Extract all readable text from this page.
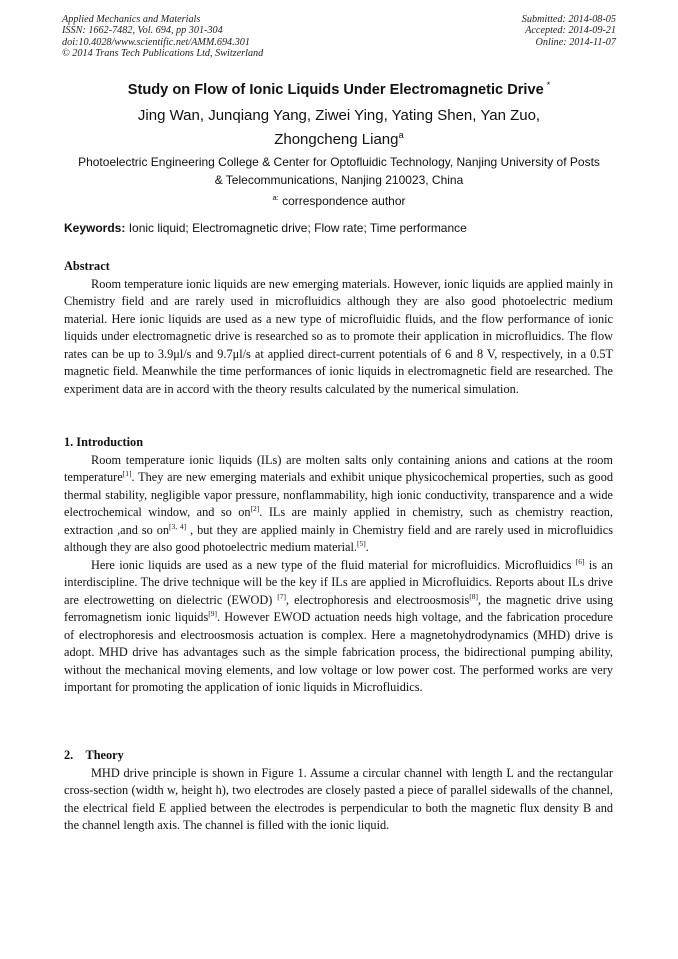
Applied Mechanics and Materials
ISSN: 1662-7482, Vol. 694, pp 301-304
doi:10.4028/www.scientific.net/AMM.694.301
© 2014 Trans Tech Publications Ltd, Switzerland
Submitted: 2014-08-05
Accepted: 2014-09-21
Online: 2014-11-07
Study on Flow of Ionic Liquids Under Electromagnetic Drive *
Jing Wan, Junqiang Yang, Ziwei Ying, Yating Shen, Yan Zuo,
Zhongcheng Liang$^a$
Photoelectric Engineering College & Center for Optofluidic Technology, Nanjing University of Posts
& Telecommunications, Nanjing 210023, China
$^{a:}$ correspondence author
Keywords: Ionic liquid; Electromagnetic drive; Flow rate; Time performance

Abstract

Room temperature ionic liquids are new emerging materials. However, ionic liquids are applied mainly in Chemistry field and are rarely used in microfluidics although they are also good photoelectric medium material. Here ionic liquids are used as a new type of microfluidic fluids, and the flow performance of ionic liquids under electromagnetic drive is researched so as to promote their application in microfluidics. The flow rates can be up to 3.9μl/s and 9.7μl/s at applied direct-current potentials of 6 and 8 V, respectively, in a 0.5T magnetic field. Meanwhile the time performances of ionic liquids in electromagnetic field are researched. The experiment data are in accord with the theory results calculated by the numerical simulation.

1. Introduction

Room temperature ionic liquids (ILs) are molten salts only containing anions and cations at the room temperature[1]. They are new emerging materials and exhibit unique physicochemical properties, such as good thermal stability, negligible vapor pressure, nonflammability, high ionic conductivity, transparence and a wide electrochemical window, and so on[2]. ILs are mainly applied in chemistry, such as chemistry reaction, extraction ,and so on[3, 4] , but they are applied mainly in Chemistry field and are rarely used in microfluidics although they are also good photoelectric medium material.[5].

Here ionic liquids are used as a new type of the fluid material for microfluidics. Microfluidics [6] is an interdiscipline. The drive technique will be the key if ILs are applied in Microfluidics. Reports about ILs drive are electrowetting on dielectric (EWOD) [7], electrophoresis and electroosmosis[8], the magnetic drive using ferromagnetism ionic liquids[9]. However EWOD actuation needs high voltage, and the fabrication procedure of electrophoresis and electroosmosis actuation is complex. Here a magnetohydrodynamics (MHD) drive is adopt. MHD drive has advantages such as the simple fabrication process, the bidirectional pumping ability, without the mechanical moving elements, and low voltage or low power cost. The performed works are very important for promoting the application of ionic liquids in Microfluidics.

2.    Theory

MHD drive principle is shown in Figure 1. Assume a circular channel with length L and the rectangular cross-section (width w, height h), two electrodes are closely pasted a piece of parallel sidewalls of the channel, the electrical field E applied between the electrodes is perpendicular to both the magnetic flux density B and the channel length axis. The channel is filled with the ionic liquid.
